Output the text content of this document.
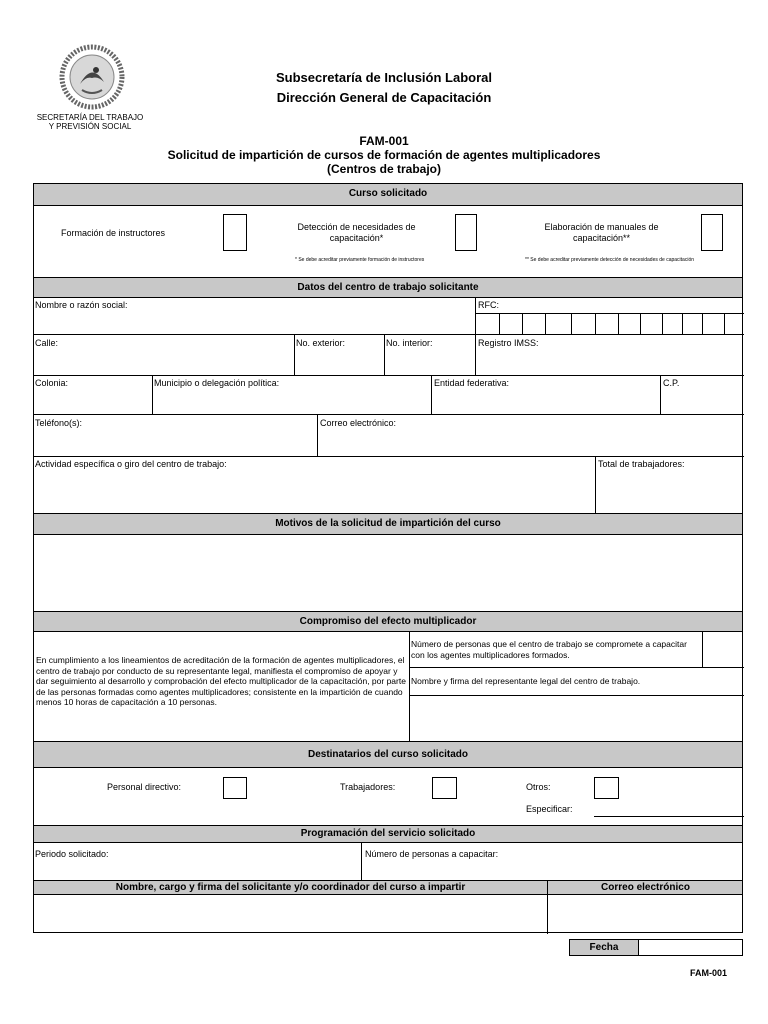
SECRETARÍA DEL TRABAJO
Y PREVISIÓN SOCIAL
Subsecretaría de Inclusión Laboral
Dirección General de Capacitación
FAM-001
Solicitud de impartición de cursos de formación de agentes multiplicadores
(Centros de trabajo)
Curso solicitado
Formación de instructores
Detección de necesidades de capacitación*
* Se debe acreditar previamente formación de instructores
Elaboración de manuales de capacitación**
** Se debe acreditar previamente detección de necesidades de capacitación
Datos del centro de trabajo solicitante
Nombre o razón social:	RFC:
Calle:	No. exterior:	No. interior:	Registro IMSS:
Colonia:	Municipio o delegación política:	Entidad federativa:	C.P.
Teléfono(s):	Correo electrónico:
Actividad específica o giro del centro de trabajo:	Total de trabajadores:
Motivos de la solicitud de impartición del curso
Compromiso del efecto multiplicador
En cumplimiento a los lineamientos de acreditación de la formación de agentes multiplicadores, el centro de trabajo por conducto de su representante legal, manifiesta el compromiso de apoyar y dar seguimiento al desarrollo y comprobación del efecto multiplicador de la capacitación, por parte de las personas formadas como agentes multiplicadores; consistente en la impartición de cuando menos 10 horas de capacitación a 10 personas.
Número de personas que el centro de trabajo se compromete a capacitar con los agentes multiplicadores formados.
Nombre y firma del representante legal del centro de trabajo.
Destinatarios del curso solicitado
Personal directivo:	Trabajadores:	Otros:
Especificar:
Programación del servicio solicitado
Periodo solicitado:	Número de personas a capacitar:
Nombre, cargo y firma del solicitante y/o coordinador del curso a impartir	Correo electrónico
Fecha
FAM-001
